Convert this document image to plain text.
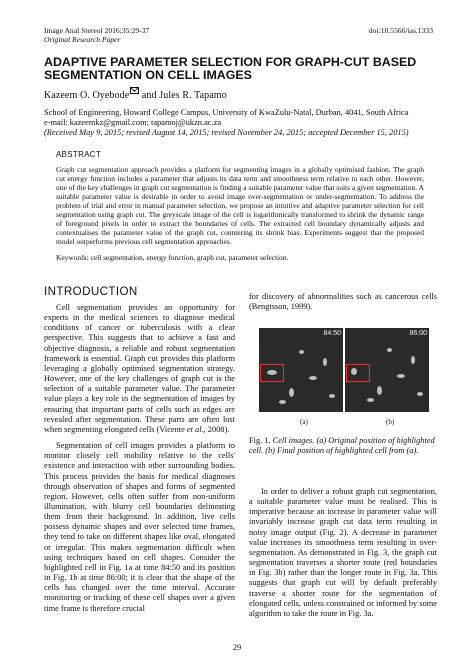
Image Anal Stereol 2016;35:29-37
Original Research Paper
doi:10.5566/ias.1333
ADAPTIVE PARAMETER SELECTION FOR GRAPH-CUT BASED
SEGMENTATION ON CELL IMAGES
Kazeem O. Oyebode and Jules R. Tapamo
School of Engineering, Howard College Campus, University of KwaZulu-Natal, Durban, 4041, South Africa
e-mail: kazeemkz@gmail.com; tapamoj@ukzn.ac.za
(Received May 9, 2015; revised August 14, 2015; revised November 24, 2015; accepted December 15, 2015)
ABSTRACT
Graph cut segmentation approach provides a platform for segmenting images in a globally optimised fashion. The graph cut energy function includes a parameter that adjusts its data term and smoothness term relative to each other. However, one of the key challenges in graph cut segmentation is finding a suitable parameter value that suits a given segmentation. A suitable parameter value is desirable in order to avoid image over-segmentation or under-segmentation. To address the problem of trial and error in manual parameter selection, we propose an intuitive and adaptive parameter selection for cell segmentation using graph cut. The greyscale image of the cell is logarithmically transformed to shrink the dynamic range of foreground pixels in order to extract the boundaries of cells. The extracted cell boundary dynamically adjusts and contextualises the parameter value of the graph cut, countering its shrink bias. Experiments suggest that the proposed model outperforms previous cell segmentation approaches.
Keywords: cell segmentation, energy function, graph cut, parameter selection.
INTRODUCTION

Cell segmentation provides an opportunity for experts in the medical sciences to diagnose medical conditions of cancer or tuberculosis with a clear perspective. This suggests that to achieve a fast and objective diagnosis, a reliable and robust segmentation framework is essential. Graph cut provides this platform leveraging a globally optimised segmentation strategy. However, one of the key challenges of graph cut is the selection of a suitable parameter value. The parameter value plays a key role in the segmentation of images by ensuring that important parts of cells such as edges are revealed after segmentation. These parts are often lost when segmenting elongated cells (Vicente et al., 2008).

Segmentation of cell images provides a platform to monitor closely cell mobility relative to the cells' existence and interaction with other surrounding bodies. This process provides the basis for medical diagnoses through observation of shapes and forms of segmented region. However, cells often suffer from non-uniform illumination, with blurry cell boundaries delineating them from their background. In addition, live cells possess dynamic shapes and over selected time frames, they tend to take on different shapes like oval, elongated or irregular. This makes segmentation difficult when using techniques based on cell shapes. Consider the highlighted cell in Fig. 1a at time 84:50 and its position in Fig. 1b at time 86:00; it is clear that the shape of the cells has changed over the time interval. Accurate monitoring or tracking of these cell shapes over a given time frame is therefore crucial

for discovery of abnormalities such as cancerous cells (Bengtsson, 1999).

84:50	86:00
(a)	(b)
Fig. 1. Cell images. (a) Original position of highlighted cell. (b) Final position of highlighted cell from (a).

In order to deliver a robust graph cut segmentation, a suitable parameter value must be realised. This is imperative because an increase in parameter value will invariably increase graph cut data term resulting in noisy image output (Fig. 2). A decrease in parameter value increases its smoothness term resulting in over-segmentation. As demonstrated in Fig. 3, the graph cut segmentation traverses a shorter route (red boundaries in Fig. 3b) rather than the longer route in Fig. 3a. This suggests that graph cut will by default preferably traverse a shorter route for the segmentation of elongated cells, unless constrained or informed by some algorithm to take the route in Fig. 3a.

29
